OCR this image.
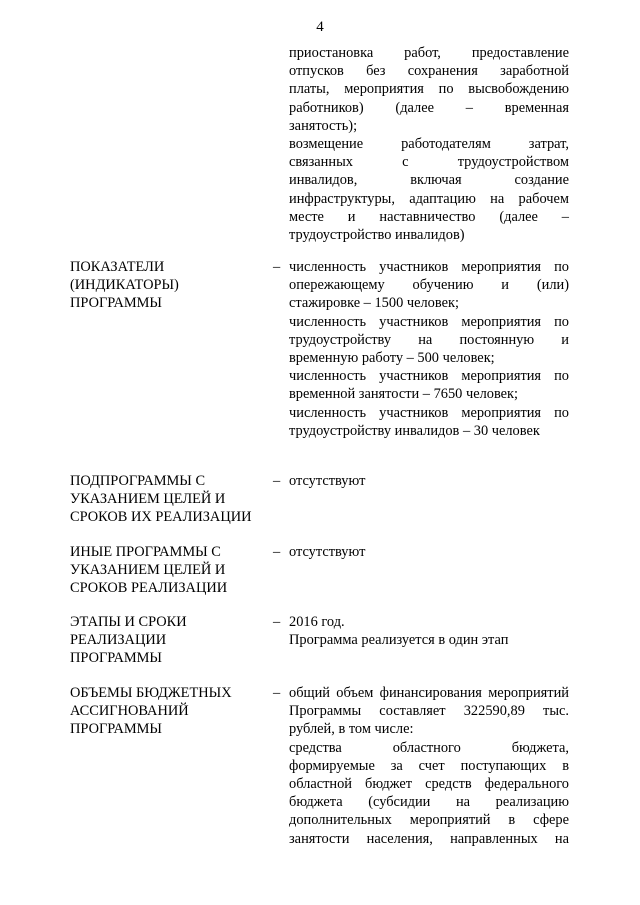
4

приостановка работ, предоставление
отпусков без сохранения заработной
платы, мероприятия по высвобождению
работников) (далее – временная
занятость);

возмещение работодателям затрат,
связанных с трудоустройством
инвалидов, включая создание
инфраструктуры, адаптацию на рабочем
месте и наставничество (далее –
трудоустройство инвалидов)

ПОКАЗАТЕЛИ
(ИНДИКАТОРЫ)
ПРОГРАММЫ
– численность участников мероприятия по
опережающему обучению и (или)
стажировке – 1500 человек;

численность участников мероприятия по
трудоустройству на постоянную и
временную работу – 500 человек;

численность участников мероприятия по
временной занятости – 7650 человек;

численность участников мероприятия по
трудоустройству инвалидов – 30 человек

ПОДПРОГРАММЫ С
УКАЗАНИЕМ ЦЕЛЕЙ И
СРОКОВ ИХ РЕАЛИЗАЦИИ
– отсутствуют

ИНЫЕ ПРОГРАММЫ С
УКАЗАНИЕМ ЦЕЛЕЙ И
СРОКОВ РЕАЛИЗАЦИИ
– отсутствуют

ЭТАПЫ И СРОКИ
РЕАЛИЗАЦИИ
ПРОГРАММЫ
– 2016 год.

Программа реализуется в один этап

ОБЪЕМЫ БЮДЖЕТНЫХ
АССИГНОВАНИЙ
ПРОГРАММЫ
– общий объем финансирования мероприятий
Программы составляет 322590,89 тыс.
рублей, в том числе:

средства областного бюджета,
формируемые за счет поступающих в
областной бюджет средств федерального
бюджета (субсидии на реализацию
дополнительных мероприятий в сфере
занятости населения, направленных на
